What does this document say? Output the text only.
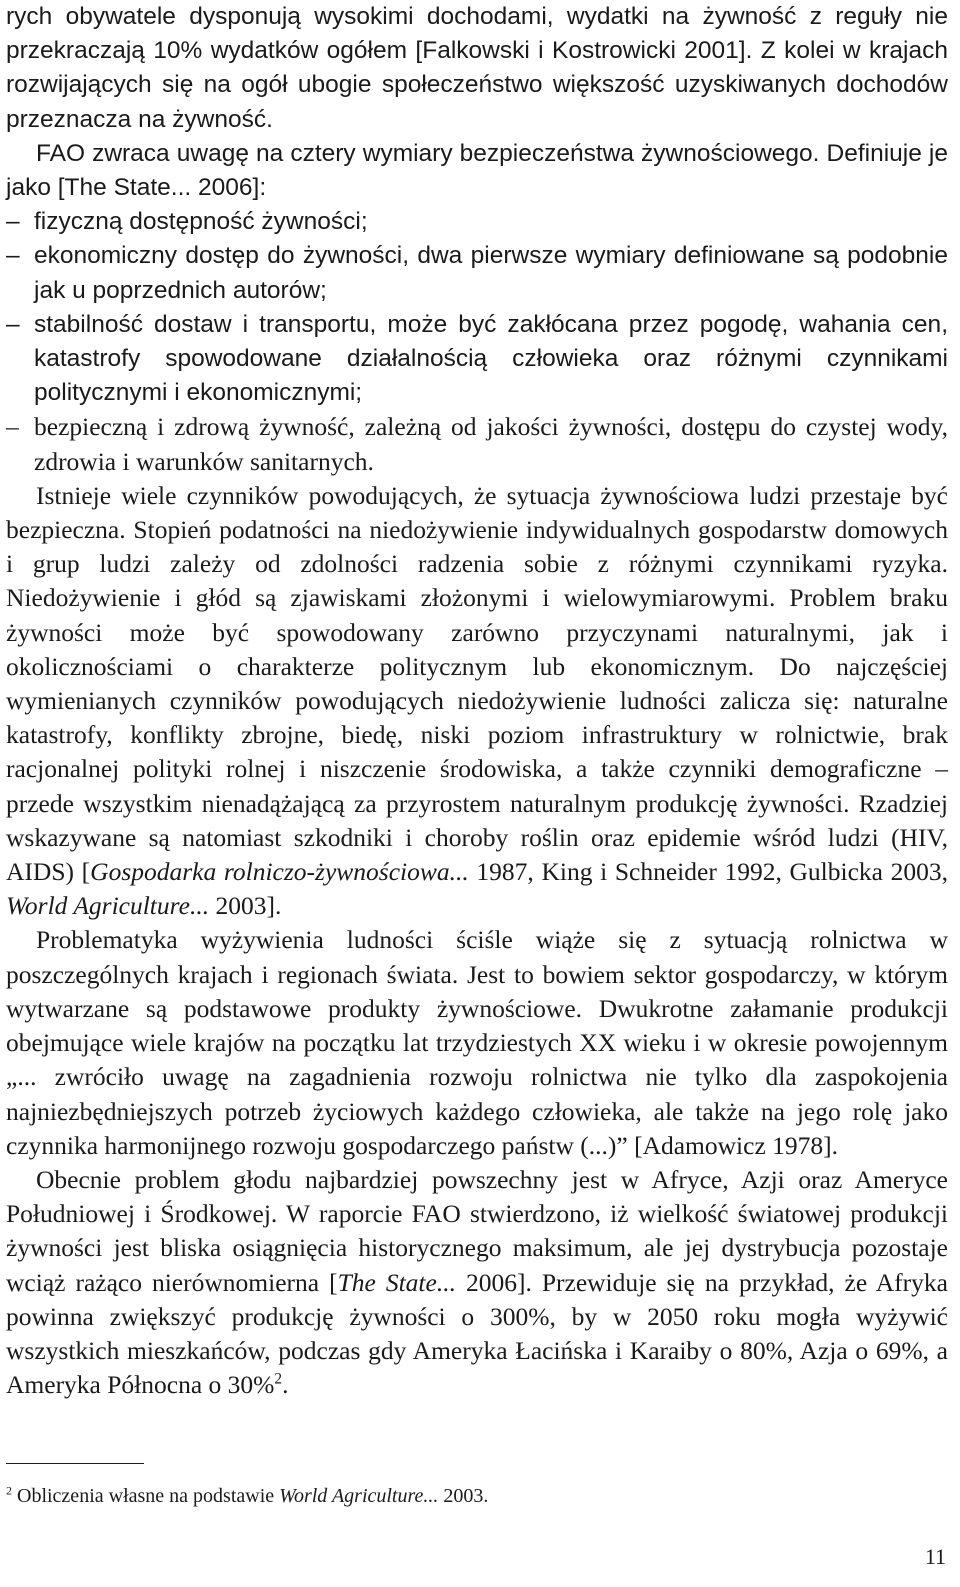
rych obywatele dysponują wysokimi dochodami, wydatki na żywność z reguły nie przekraczają 10% wydatków ogółem [Falkowski i Kostrowicki 2001]. Z kolei w krajach rozwijających się na ogół ubogie społeczeństwo większość uzyskiwanych dochodów przeznacza na żywność.

FAO zwraca uwagę na cztery wymiary bezpieczeństwa żywnościowego. Definiuje je jako [The State... 2006]:

– fizyczną dostępność żywności;

– ekonomiczny dostęp do żywności, dwa pierwsze wymiary definiowane są podobnie jak u poprzednich autorów;

– stabilność dostaw i transportu, może być zakłócana przez pogodę, wahania cen, katastrofy spowodowane działalnością człowieka oraz różnymi czynnikami politycznymi i ekonomicznymi;

– bezpieczną i zdrową żywność, zależną od jakości żywności, dostępu do czystej wody, zdrowia i warunków sanitarnych.

Istnieje wiele czynników powodujących, że sytuacja żywnościowa ludzi przestaje być bezpieczna. Stopień podatności na niedożywienie indywidualnych gospodarstw domowych i grup ludzi zależy od zdolności radzenia sobie z różnymi czynnikami ryzyka. Niedożywienie i głód są zjawiskami złożonymi i wielowymiarowymi. Problem braku żywności może być spowodowany zarówno przyczynami naturalnymi, jak i okolicznościami o charakterze politycznym lub ekonomicznym. Do najczęściej wymienianych czynników powodujących niedożywienie ludności zalicza się: naturalne katastrofy, konflikty zbrojne, biedę, niski poziom infrastruktury w rolnictwie, brak racjonalnej polityki rolnej i niszczenie środowiska, a także czynniki demograficzne – przede wszystkim nienadążającą za przyrostem naturalnym produkcję żywności. Rzadziej wskazywane są natomiast szkodniki i choroby roślin oraz epidemie wśród ludzi (HIV, AIDS) [Gospodarka rolniczo-żywnościowa... 1987, King i Schneider 1992, Gulbicka 2003, World Agriculture... 2003].

Problematyka wyżywienia ludności ściśle wiąże się z sytuacją rolnictwa w poszczególnych krajach i regionach świata. Jest to bowiem sektor gospodarczy, w którym wytwarzane są podstawowe produkty żywnościowe. Dwukrotne załamanie produkcji obejmujące wiele krajów na początku lat trzydziestych XX wieku i w okresie powojennym „... zwróciło uwagę na zagadnienia rozwoju rolnictwa nie tylko dla zaspokojenia najniezbędniejszych potrzeb życiowych każdego człowieka, ale także na jego rolę jako czynnika harmonijnego rozwoju gospodarczego państw (...)” [Adamowicz 1978].

Obecnie problem głodu najbardziej powszechny jest w Afryce, Azji oraz Ameryce Południowej i Środkowej. W raporcie FAO stwierdzono, iż wielkość światowej produkcji żywności jest bliska osiągnięcia historycznego maksimum, ale jej dystrybucja pozostaje wciąż rażąco nierównomierna [The State... 2006]. Przewiduje się na przykład, że Afryka powinna zwiększyć produkcję żywności o 300%, by w 2050 roku mogła wyżywić wszystkich mieszkańców, podczas gdy Ameryka Łacińska i Karaiby o 80%, Azja o 69%, a Ameryka Północna o 30%$^2$.

$^2$ Obliczenia własne na podstawie World Agriculture... 2003.
11
